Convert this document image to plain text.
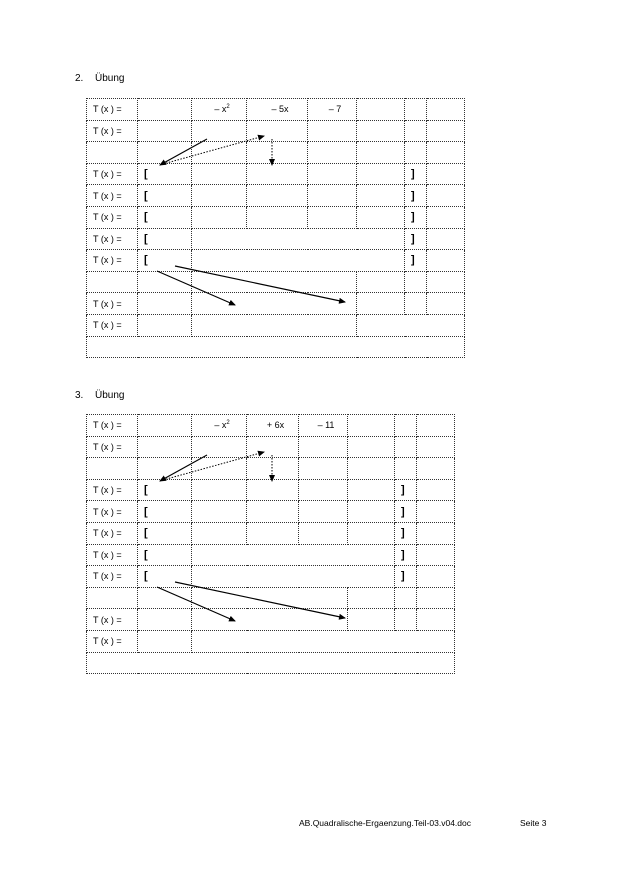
2. Übung
T (x ) =		– $x^2$	– 5x	– 7			
T (x ) =							

T (x ) =	[					]	
T (x ) =	[					]	
T (x ) =	[					]	
T (x ) =	[					]	
T (x ) =	[					]	

T (x ) =							
T (x ) =							

3. Übung
T (x ) =		– $x^2$	+ 6x	– 11			
T (x ) =							

T (x ) =	[					]	
T (x ) =	[					]	
T (x ) =	[					]	
T (x ) =	[					]	
T (x ) =	[					]	

T (x ) =							
T (x ) =							

AB.Quadralische-Ergaenzung.Teil-03.v04.doc	Seite 3
